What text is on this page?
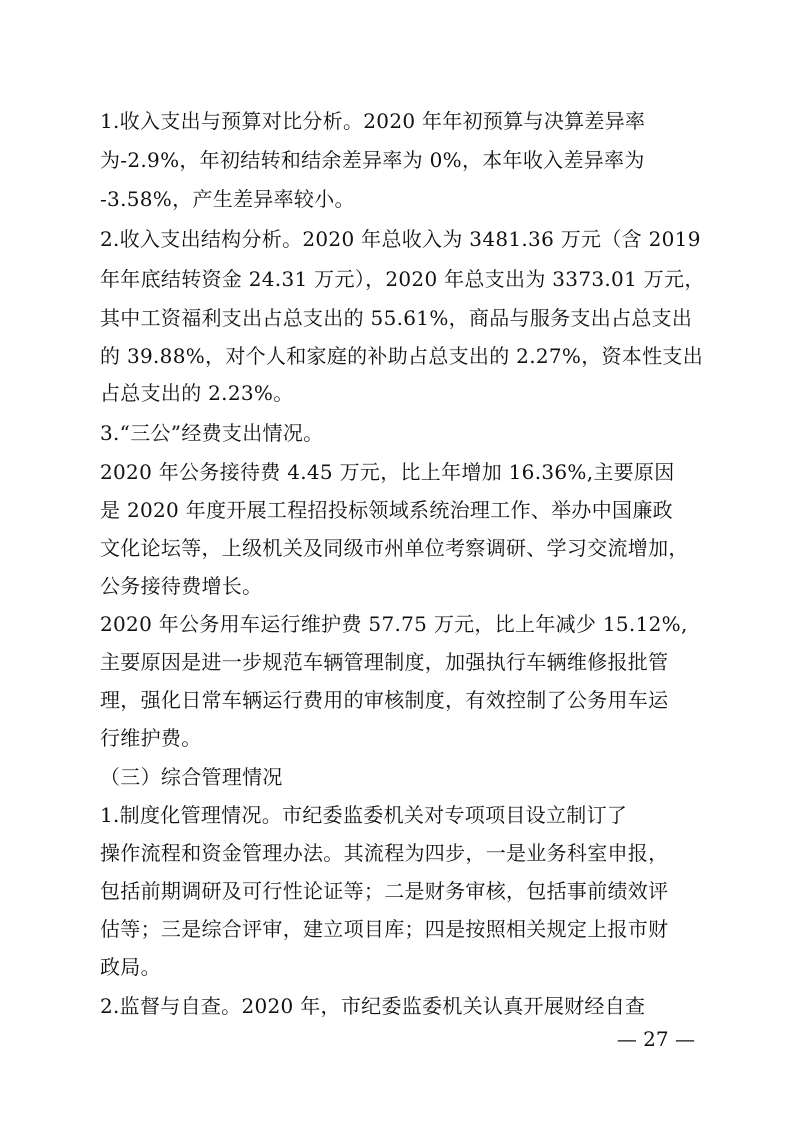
1.收入支出与预算对比分析。2020 年年初预算与决算差异率
为-2.9%，年初结转和结余差异率为 0%，本年收入差异率为
-3.58%，产生差异率较小。
2.收入支出结构分析。2020 年总收入为 3481.36 万元（含 2019
年年底结转资金 24.31 万元），2020 年总支出为 3373.01 万元，
其中工资福利支出占总支出的 55.61%，商品与服务支出占总支出
的 39.88%，对个人和家庭的补助占总支出的 2.27%，资本性支出
占总支出的 2.23%。
3.“三公”经费支出情况。
2020 年公务接待费 4.45 万元，比上年增加 16.36%,主要原因
是 2020 年度开展工程招投标领域系统治理工作、举办中国廉政
文化论坛等，上级机关及同级市州单位考察调研、学习交流增加，
公务接待费增长。
2020 年公务用车运行维护费 57.75 万元，比上年减少 15.12%,
主要原因是进一步规范车辆管理制度，加强执行车辆维修报批管
理，强化日常车辆运行费用的审核制度，有效控制了公务用车运
行维护费。
（三）综合管理情况
1.制度化管理情况。市纪委监委机关对专项项目设立制订了
操作流程和资金管理办法。其流程为四步，一是业务科室申报，
包括前期调研及可行性论证等；二是财务审核，包括事前绩效评
估等；三是综合评审，建立项目库；四是按照相关规定上报市财
政局。
2.监督与自查。2020 年，市纪委监委机关认真开展财经自查
— 27 —
